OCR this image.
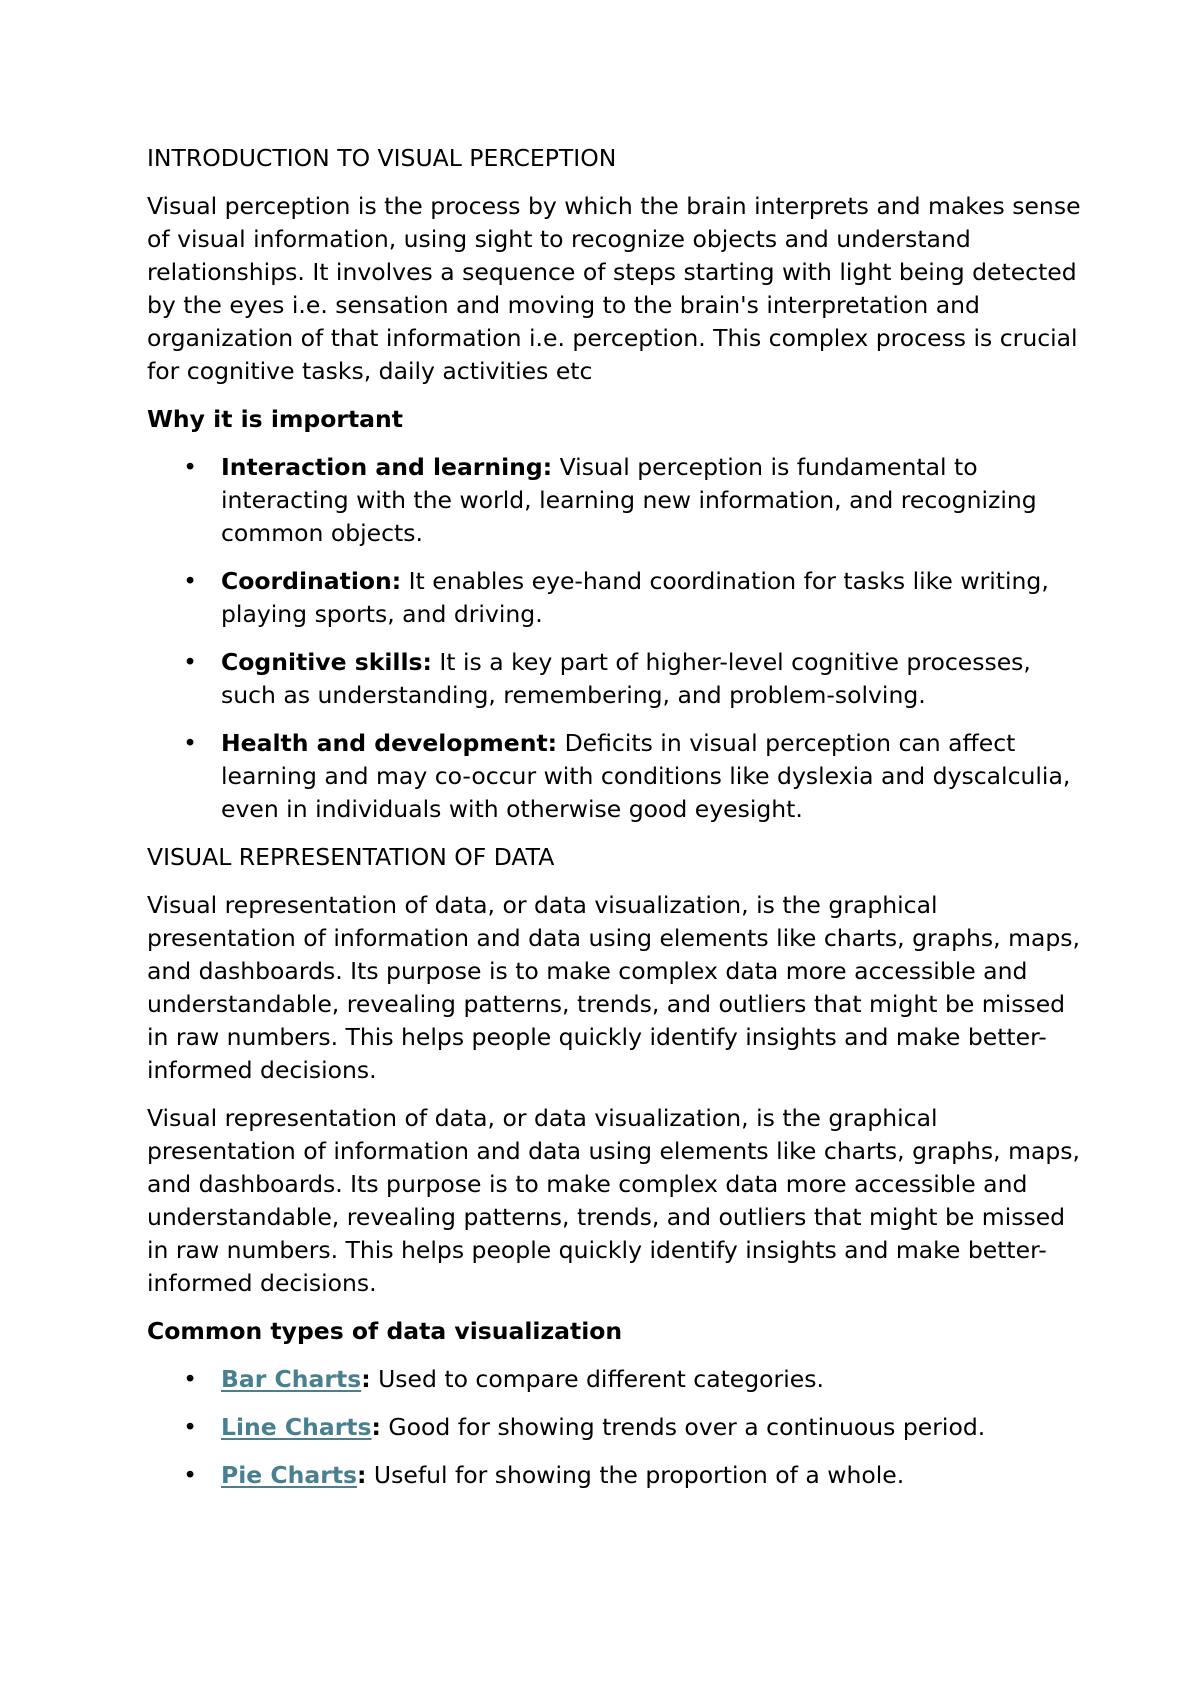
INTRODUCTION TO VISUAL PERCEPTION

Visual perception is the process by which the brain interprets and makes sense of visual information, using sight to recognize objects and understand relationships. It involves a sequence of steps starting with light being detected by the eyes i.e. sensation and moving to the brain's interpretation and organization of that information i.e. perception. This complex process is crucial for cognitive tasks, daily activities etc

Why it is important

• Interaction and learning: Visual perception is fundamental to interacting with the world, learning new information, and recognizing common objects.
• Coordination: It enables eye-hand coordination for tasks like writing, playing sports, and driving.
• Cognitive skills: It is a key part of higher-level cognitive processes, such as understanding, remembering, and problem-solving.
• Health and development: Deficits in visual perception can affect learning and may co-occur with conditions like dyslexia and dyscalculia, even in individuals with otherwise good eyesight.

VISUAL REPRESENTATION OF DATA

Visual representation of data, or data visualization, is the graphical presentation of information and data using elements like charts, graphs, maps, and dashboards. Its purpose is to make complex data more accessible and understandable, revealing patterns, trends, and outliers that might be missed in raw numbers. This helps people quickly identify insights and make better-informed decisions.

Visual representation of data, or data visualization, is the graphical presentation of information and data using elements like charts, graphs, maps, and dashboards. Its purpose is to make complex data more accessible and understandable, revealing patterns, trends, and outliers that might be missed in raw numbers. This helps people quickly identify insights and make better-informed decisions.

Common types of data visualization

• Bar Charts: Used to compare different categories.
• Line Charts: Good for showing trends over a continuous period.
• Pie Charts: Useful for showing the proportion of a whole.
